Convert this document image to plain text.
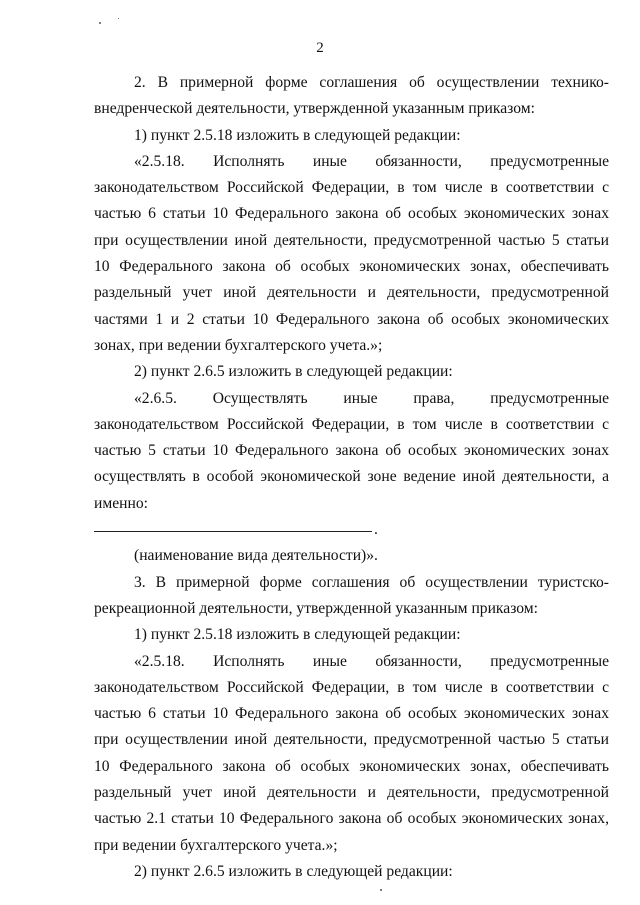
2

2. В примерной форме соглашения об осуществлении технико-внедренческой деятельности, утвержденной указанным приказом:

1) пункт 2.5.18 изложить в следующей редакции:

«2.5.18. Исполнять иные обязанности, предусмотренные законодательством Российской Федерации, в том числе в соответствии с частью 6 статьи 10 Федерального закона об особых экономических зонах при осуществлении иной деятельности, предусмотренной частью 5 статьи 10 Федерального закона об особых экономических зонах, обеспечивать раздельный учет иной деятельности и деятельности, предусмотренной частями 1 и 2 статьи 10 Федерального закона об особых экономических зонах, при ведении бухгалтерского учета.»;

2) пункт 2.6.5 изложить в следующей редакции:

«2.6.5. Осуществлять иные права, предусмотренные законодательством Российской Федерации, в том числе в соответствии с частью 5 статьи 10 Федерального закона об особых экономических зонах осуществлять в особой экономической зоне ведение иной деятельности, а именно:

.

(наименование вида деятельности)».

3. В примерной форме соглашения об осуществлении туристско-рекреационной деятельности, утвержденной указанным приказом:

1) пункт 2.5.18 изложить в следующей редакции:

«2.5.18. Исполнять иные обязанности, предусмотренные законодательством Российской Федерации, в том числе в соответствии с частью 6 статьи 10 Федерального закона об особых экономических зонах при осуществлении иной деятельности, предусмотренной частью 5 статьи 10 Федерального закона об особых экономических зонах, обеспечивать раздельный учет иной деятельности и деятельности, предусмотренной частью 2.1 статьи 10 Федерального закона об особых экономических зонах, при ведении бухгалтерского учета.»;

2) пункт 2.6.5 изложить в следующей редакции:
